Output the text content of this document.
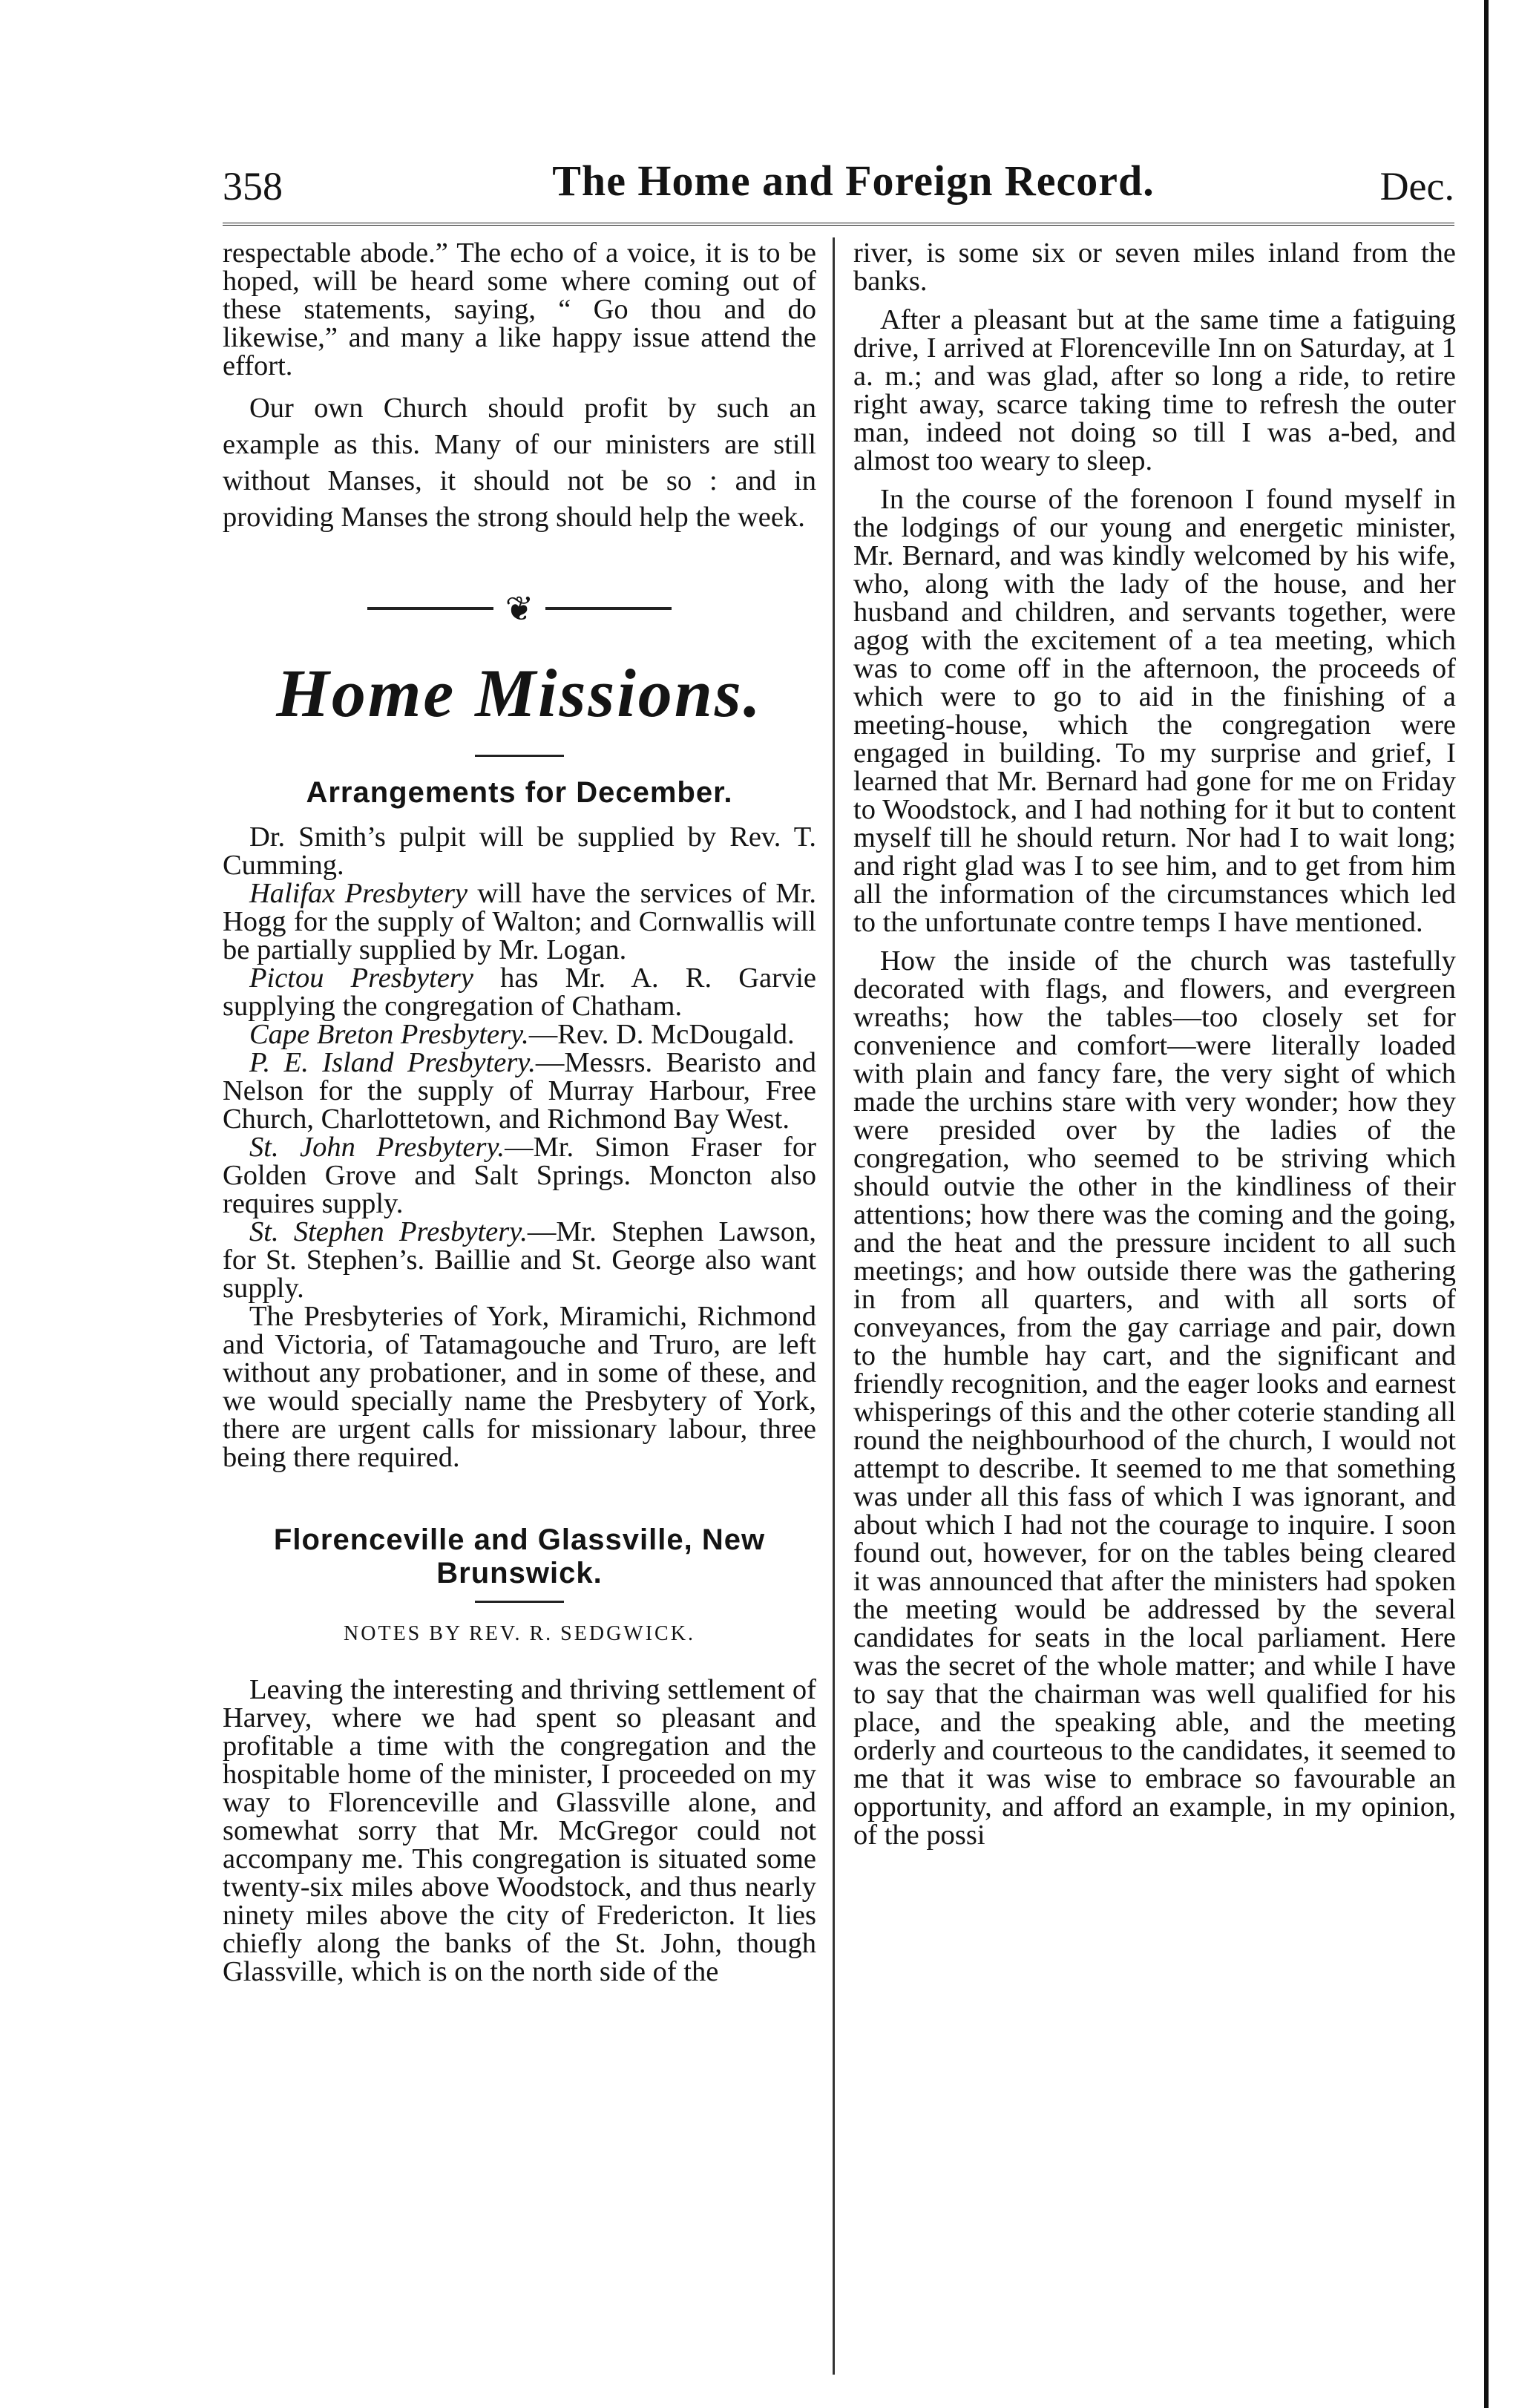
358	The Home and Foreign Record.	Dec.

respectable abode.” The echo of a voice, it is to be hoped, will be heard some where coming out of these statements, saying, “ Go thou and do likewise,” and many a like happy issue attend the effort.

Our own Church should profit by such an example as this. Many of our ministers are still without Manses, it should not be so : and in providing Manses the strong should help the week.

❦
Home Missions.
Arrangements for December.

Dr. Smith’s pulpit will be supplied by Rev. T. Cumming.

Halifax Presbytery will have the services of Mr. Hogg for the supply of Walton; and Cornwallis will be partially supplied by Mr. Logan.

Pictou Presbytery has Mr. A. R. Garvie supplying the congregation of Chatham.

Cape Breton Presbytery.—Rev. D. McDougald.

P. E. Island Presbytery.—Messrs. Bearisto and Nelson for the supply of Murray Harbour, Free Church, Charlottetown, and Richmond Bay West.

St. John Presbytery.—Mr. Simon Fraser for Golden Grove and Salt Springs. Moncton also requires supply.

St. Stephen Presbytery.—Mr. Stephen Lawson, for St. Stephen’s. Baillie and St. George also want supply.

The Presbyteries of York, Miramichi, Richmond and Victoria, of Tatamagouche and Truro, are left without any probationer, and in some of these, and we would specially name the Presbytery of York, there are urgent calls for missionary labour, three being there required.

Florenceville and Glassville, New Brunswick.
NOTES BY REV. R. SEDGWICK.

Leaving the interesting and thriving settlement of Harvey, where we had spent so pleasant and profitable a time with the congregation and the hospitable home of the minister, I proceeded on my way to Florenceville and Glassville alone, and somewhat sorry that Mr. McGregor could not accompany me. This congregation is situated some twenty-six miles above Woodstock, and thus nearly ninety miles above the city of Fredericton. It lies chiefly along the banks of the St. John, though Glassville, which is on the north side of the

river, is some six or seven miles inland from the banks.

After a pleasant but at the same time a fatiguing drive, I arrived at Florenceville Inn on Saturday, at 1 a. m.; and was glad, after so long a ride, to retire right away, scarce taking time to refresh the outer man, indeed not doing so till I was a-bed, and almost too weary to sleep.

In the course of the forenoon I found myself in the lodgings of our young and energetic minister, Mr. Bernard, and was kindly welcomed by his wife, who, along with the lady of the house, and her husband and children, and servants together, were agog with the excitement of a tea meeting, which was to come off in the afternoon, the proceeds of which were to go to aid in the finishing of a meeting-house, which the congregation were engaged in building. To my surprise and grief, I learned that Mr. Bernard had gone for me on Friday to Woodstock, and I had nothing for it but to content myself till he should return. Nor had I to wait long; and right glad was I to see him, and to get from him all the information of the circumstances which led to the unfortunate contre temps I have mentioned.

How the inside of the church was tastefully decorated with flags, and flowers, and evergreen wreaths; how the tables—too closely set for convenience and comfort—were literally loaded with plain and fancy fare, the very sight of which made the urchins stare with very wonder; how they were presided over by the ladies of the congregation, who seemed to be striving which should outvie the other in the kindliness of their attentions; how there was the coming and the going, and the heat and the pressure incident to all such meetings; and how outside there was the gathering in from all quarters, and with all sorts of conveyances, from the gay carriage and pair, down to the humble hay cart, and the significant and friendly recognition, and the eager looks and earnest whisperings of this and the other coterie standing all round the neighbourhood of the church, I would not attempt to describe. It seemed to me that something was under all this fass of which I was ignorant, and about which I had not the courage to inquire. I soon found out, however, for on the tables being cleared it was announced that after the ministers had spoken the meeting would be addressed by the several candidates for seats in the local parliament. Here was the secret of the whole matter; and while I have to say that the chairman was well qualified for his place, and the speaking able, and the meeting orderly and courteous to the candidates, it seemed to me that it was wise to embrace so favourable an opportunity, and afford an example, in my opinion, of the possi
